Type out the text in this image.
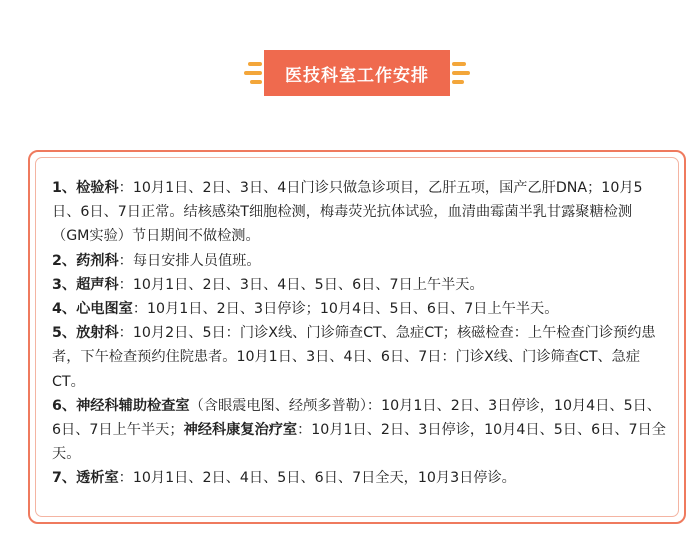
医技科室工作安排

1、检验科：10月1日、2日、3日、4日门诊只做急诊项目，乙肝五项，国产乙肝DNA；10月5日、6日、7日正常。结核感染T细胞检测，梅毒荧光抗体试验，血清曲霉菌半乳甘露聚糖检测（GM实验）节日期间不做检测。

2、药剂科：每日安排人员值班。

3、超声科：10月1日、2日、3日、4日、5日、6日、7日上午半天。

4、心电图室：10月1日、2日、3日停诊；10月4日、5日、6日、7日上午半天。

5、放射科：10月2日、5日：门诊X线、门诊筛查CT、急症CT；核磁检查：上午检查门诊预约患者，下午检查预约住院患者。10月1日、3日、4日、6日、7日：门诊X线、门诊筛查CT、急症CT。

6、神经科辅助检查室（含眼震电图、经颅多普勒）：10月1日、2日、3日停诊，10月4日、5日、6日、7日上午半天；神经科康复治疗室：10月1日、2日、3日停诊，10月4日、5日、6日、7日全天。

7、透析室：10月1日、2日、4日、5日、6日、7日全天，10月3日停诊。
